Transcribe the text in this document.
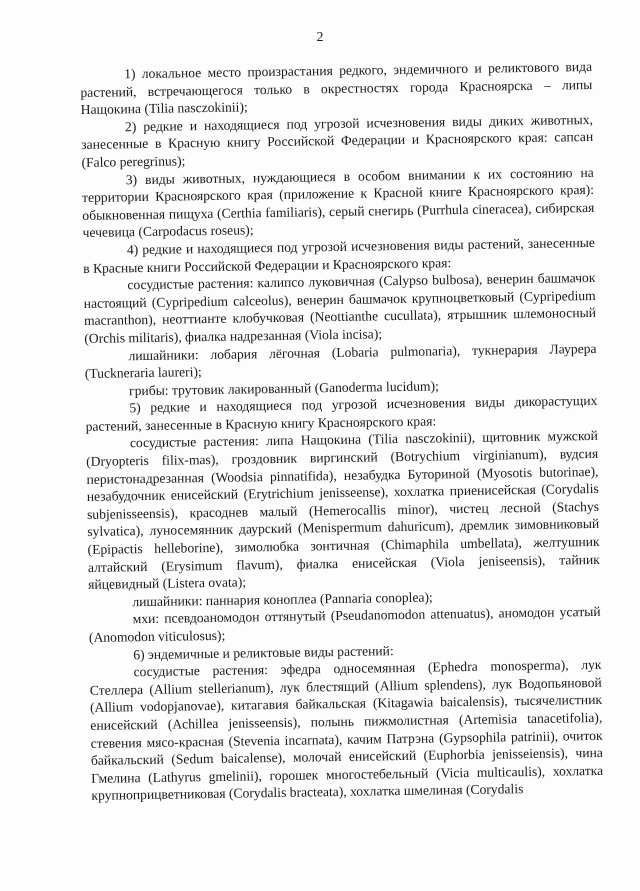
2

1) локальное место произрастания редкого, эндемичного и реликтового вида растений, встречающегося только в окрестностях города Красноярска – липы Нащокина (Tilia nasczokinii);

2) редкие и находящиеся под угрозой исчезновения виды диких животных, занесенные в Красную книгу Российской Федерации и Красноярского края: сапсан (Falco peregrinus);

3) виды животных, нуждающиеся в особом внимании к их состоянию на территории Красноярского края (приложение к Красной книге Красноярского края): обыкновенная пищуха (Certhia familiaris), серый снегирь (Purrhula cineracea), сибирская чечевица (Carpodacus roseus);

4) редкие и находящиеся под угрозой исчезновения виды растений, занесенные в Красные книги Российской Федерации и Красноярского края:

сосудистые растения: калипсо луковичная (Calypso bulbosa), венерин башмачок настоящий (Cypripedium calceolus), венерин башмачок крупноцветковый (Cypripedium macranthon), неоттианте клобучковая (Neottianthe cucullata), ятрышник шлемоносный (Orchis militaris), фиалка надрезанная (Viola incisa);

лишайники: лобария лёгочная (Lobaria pulmonaria), тукнерария Лаурера (Tuckneraria laureri);

грибы: трутовик лакированный (Ganoderma lucidum);

5) редкие и находящиеся под угрозой исчезновения виды дикорастущих растений, занесенные в Красную книгу Красноярского края:

сосудистые растения: липа Нащокина (Tilia nasczokinii), щитовник мужской (Dryopteris filix-mas), гроздовник виргинский (Botrychium virginianum), вудсия перистонадрезанная (Woodsia pinnatifida), незабудка Буториной (Myosotis butorinae), незабудочник енисейский (Erytrichium jenisseense), хохлатка приенисейская (Corydalis subjenisseensis), красоднев малый (Hemerocallis minor), чистец лесной (Stachys sylvatica), луносемянник даурский (Menispermum dahuricum), дремлик зимовниковый (Epipactis helleborine), зимолюбка зонтичная (Chimaphila umbellata), желтушник алтайский (Erysimum flavum), фиалка енисейская (Viola jeniseensis), тайник яйцевидный (Listera ovata);

лишайники: паннария коноплеа (Pannaria conoplea);

мхи: псевдоаномодон оттянутый (Pseudanomodon attenuatus), аномодон усатый (Anomodon viticulosus);

6) эндемичные и реликтовые виды растений:

сосудистые растения: эфедра односемянная (Ephedra monosperma), лук Стеллера (Allium stellerianum), лук блестящий (Allium splendens), лук Водопьяновой (Allium vodopjanovae), китагавия байкальская (Kitagawia baicalensis), тысячелистник енисейский (Achillea jenisseensis), полынь пижмолистная (Artemisia tanacetifolia), стевения мясо-красная (Stevenia incarnata), качим Патрэна (Gypsophila patrinii), очиток байкальский (Sedum baicalense), молочай енисейский (Euphorbia jenisseiensis), чина Гмелина (Lathyrus gmelinii), горошек многостебельный (Vicia multicaulis), хохлатка крупноприцветниковая (Corydalis bracteata), хохлатка шмелиная (Corydalis
